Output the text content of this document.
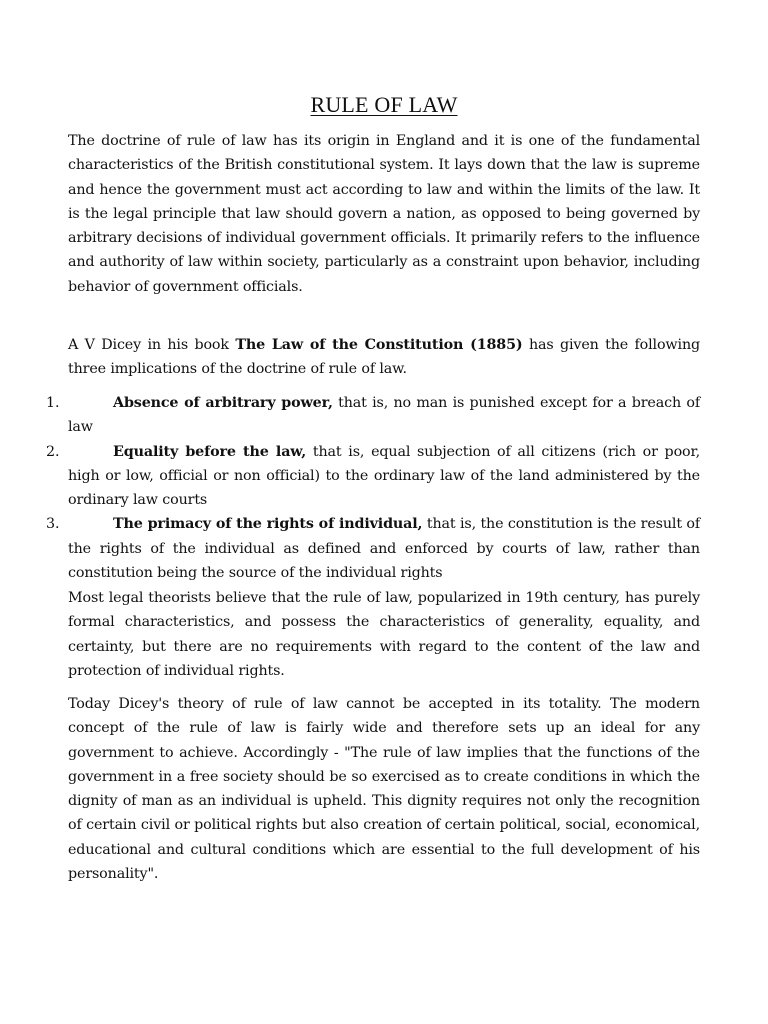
RULE OF LAW

The doctrine of rule of law has its origin in England and it is one of the fundamental characteristics of the British constitutional system. It lays down that the law is supreme and hence the government must act according to law and within the limits of the law. It is the legal principle that law should govern a nation, as opposed to being governed by arbitrary decisions of individual government officials. It primarily refers to the influence and authority of law within society, particularly as a constraint upon behavior, including behavior of government officials.

A V Dicey in his book The Law of the Constitution (1885) has given the following three implications of the doctrine of rule of law.

1.	Absence of arbitrary power, that is, no man is punished except for a breach of law
2.	Equality before the law, that is, equal subjection of all citizens (rich or poor, high or low, official or non official) to the ordinary law of the land administered by the ordinary law courts
3.	The primacy of the rights of individual, that is, the constitution is the result of the rights of the individual as defined and enforced by courts of law, rather than constitution being the source of the individual rights

Most legal theorists believe that the rule of law, popularized in 19th century, has purely formal characteristics, and possess the characteristics of generality, equality, and certainty, but there are no requirements with regard to the content of the law and protection of individual rights.

Today Dicey's theory of rule of law cannot be accepted in its totality. The modern concept of the rule of law is fairly wide and therefore sets up an ideal for any government to achieve. Accordingly - "The rule of law implies that the functions of the government in a free society should be so exercised as to create conditions in which the dignity of man as an individual is upheld. This dignity requires not only the recognition of certain civil or political rights but also creation of certain political, social, economical, educational and cultural conditions which are essential to the full development of his personality".
